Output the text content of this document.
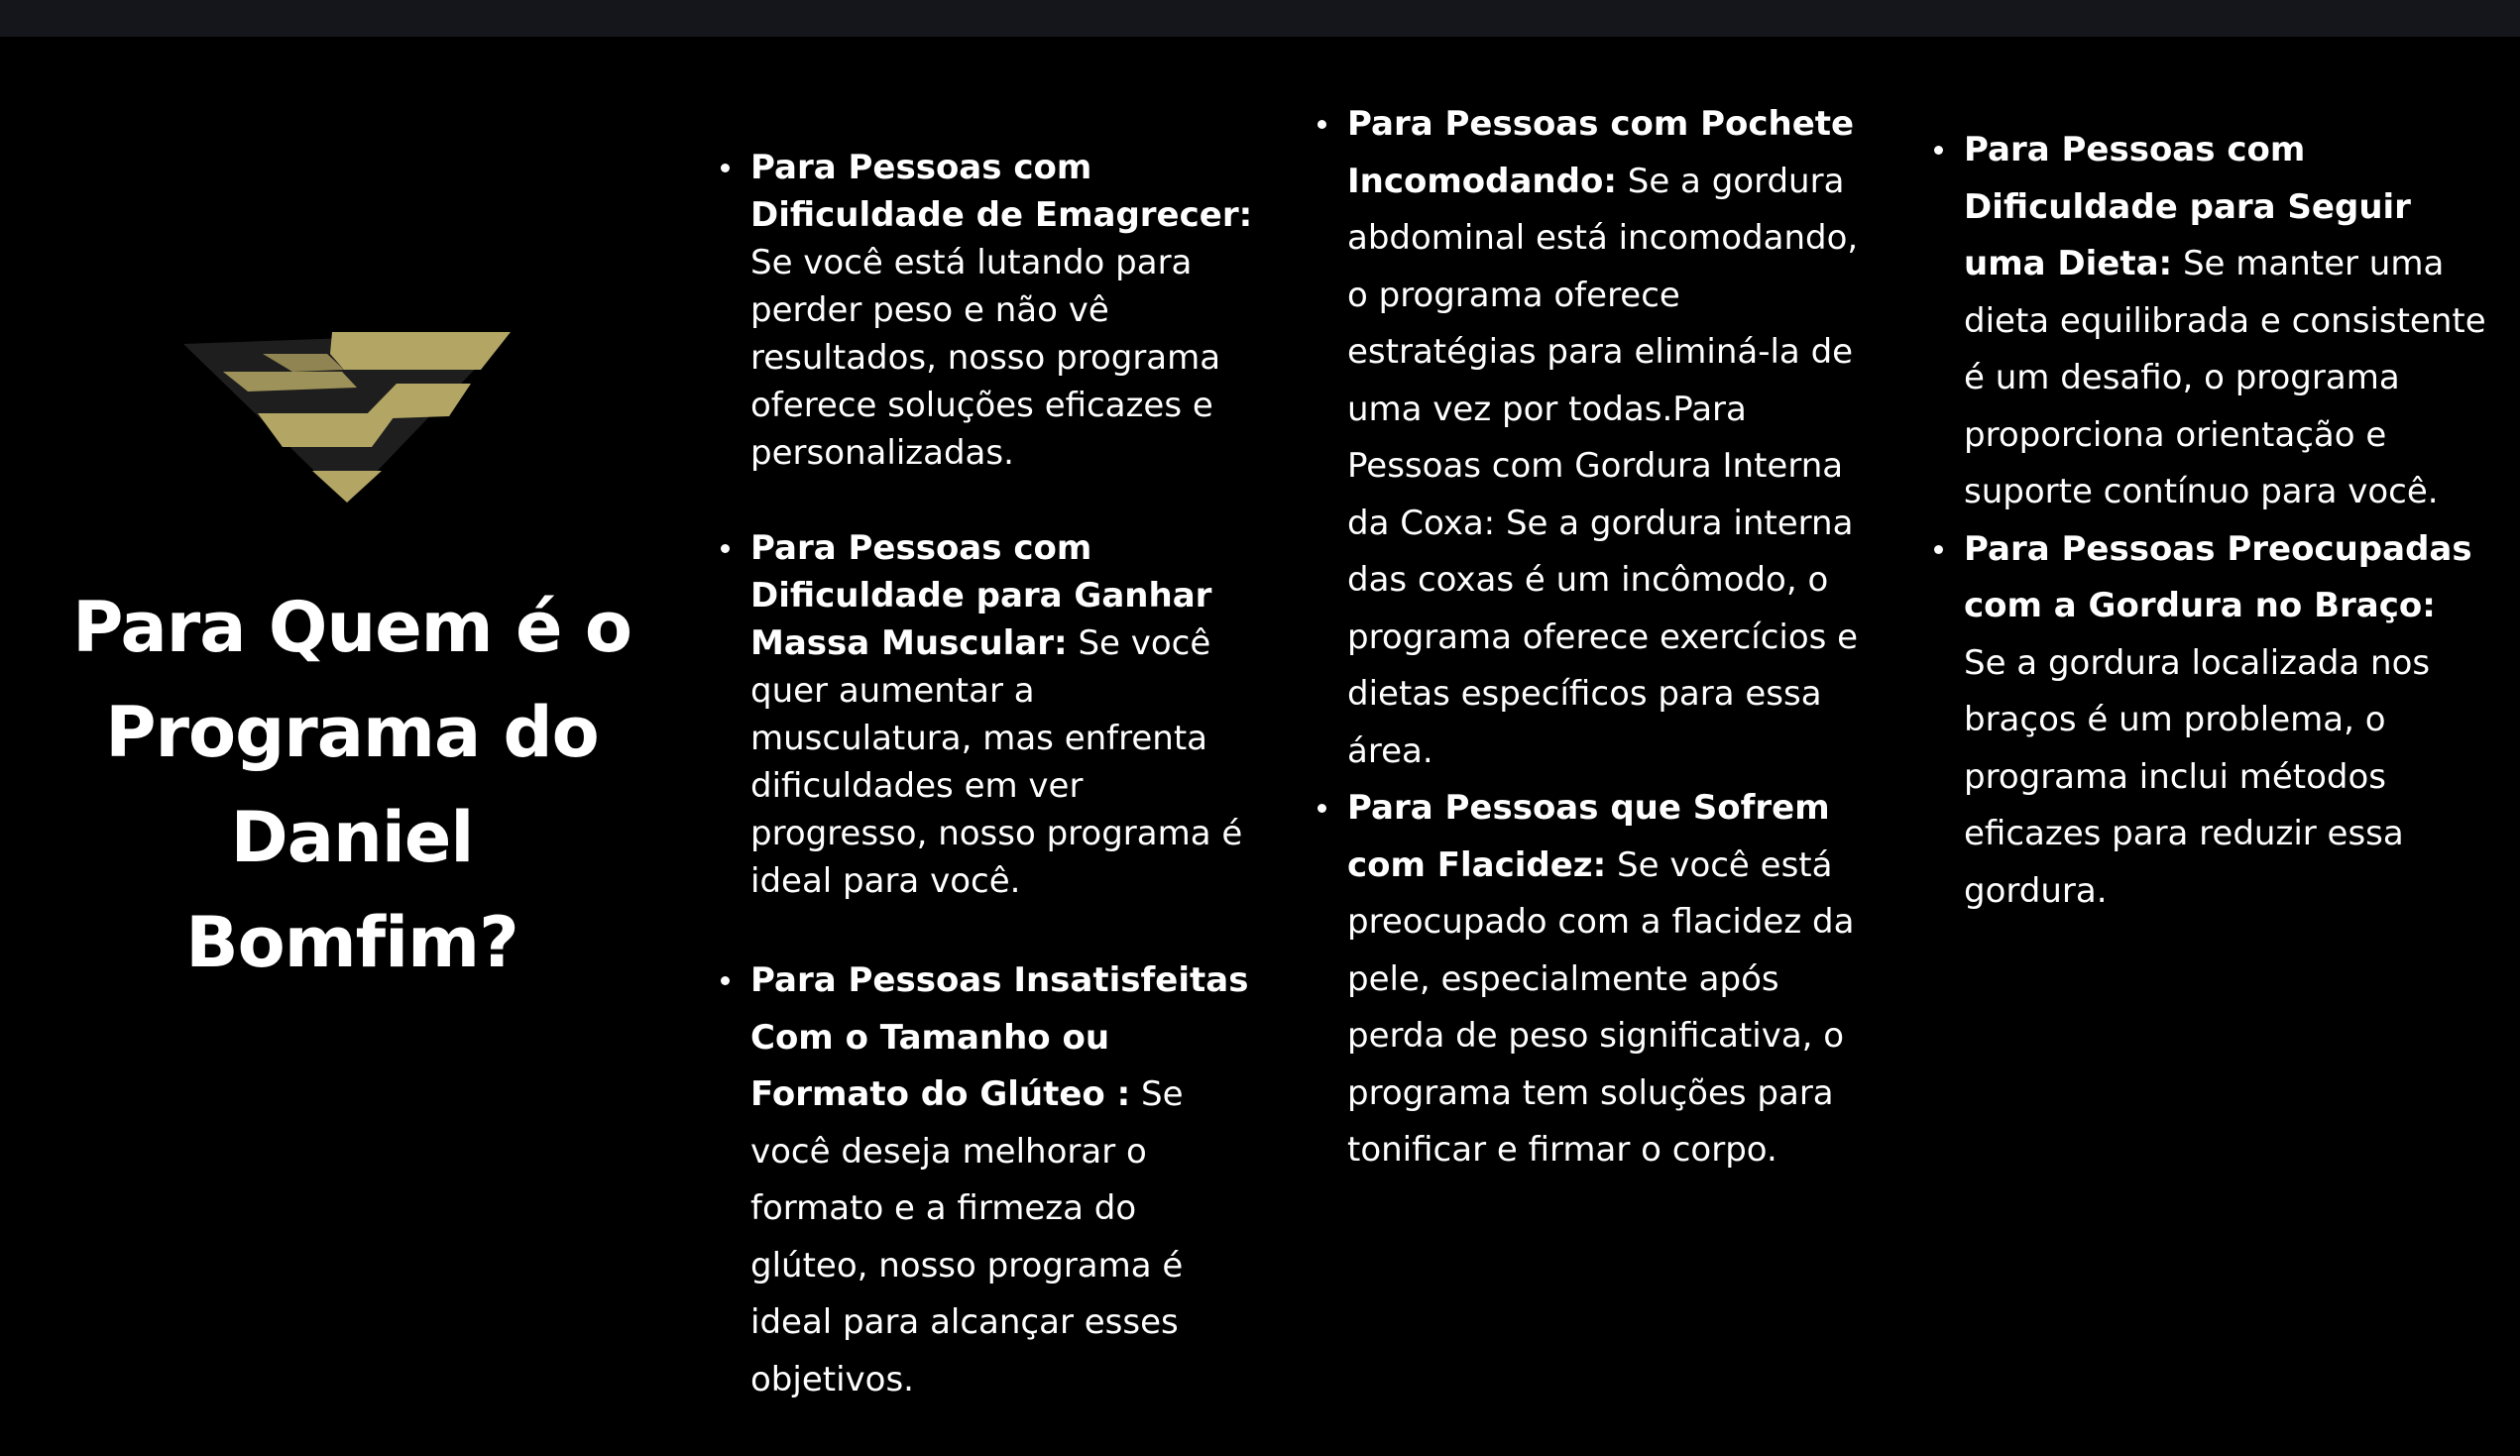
Para Quem é o Programa do Daniel Bomfim?
Para Pessoas com Dificuldade de Emagrecer: Se você está lutando para perder peso e não vê resultados, nosso programa oferece soluções eficazes e personalizadas.
Para Pessoas com Dificuldade para Ganhar Massa Muscular: Se você quer aumentar a musculatura, mas enfrenta dificuldades em ver progresso, nosso programa é ideal para você.
Para Pessoas Insatisfeitas Com o Tamanho ou Formato do Glúteo : Se você deseja melhorar o formato e a firmeza do glúteo, nosso programa é ideal para alcançar esses objetivos.
Para Pessoas com Pochete Incomodando: Se a gordura abdominal está incomodando, o programa oferece estratégias para eliminá-la de uma vez por todas.Para Pessoas com Gordura Interna da Coxa: Se a gordura interna das coxas é um incômodo, o programa oferece exercícios e dietas específicos para essa área.
Para Pessoas que Sofrem com Flacidez: Se você está preocupado com a flacidez da pele, especialmente após perda de peso significativa, o programa tem soluções para tonificar e firmar o corpo.
Para Pessoas com Dificuldade para Seguir uma Dieta: Se manter uma dieta equilibrada e consistente é um desafio, o programa proporciona orientação e suporte contínuo para você.
Para Pessoas Preocupadas com a Gordura no Braço: Se a gordura localizada nos braços é um problema, o programa inclui métodos eficazes para reduzir essa gordura.
